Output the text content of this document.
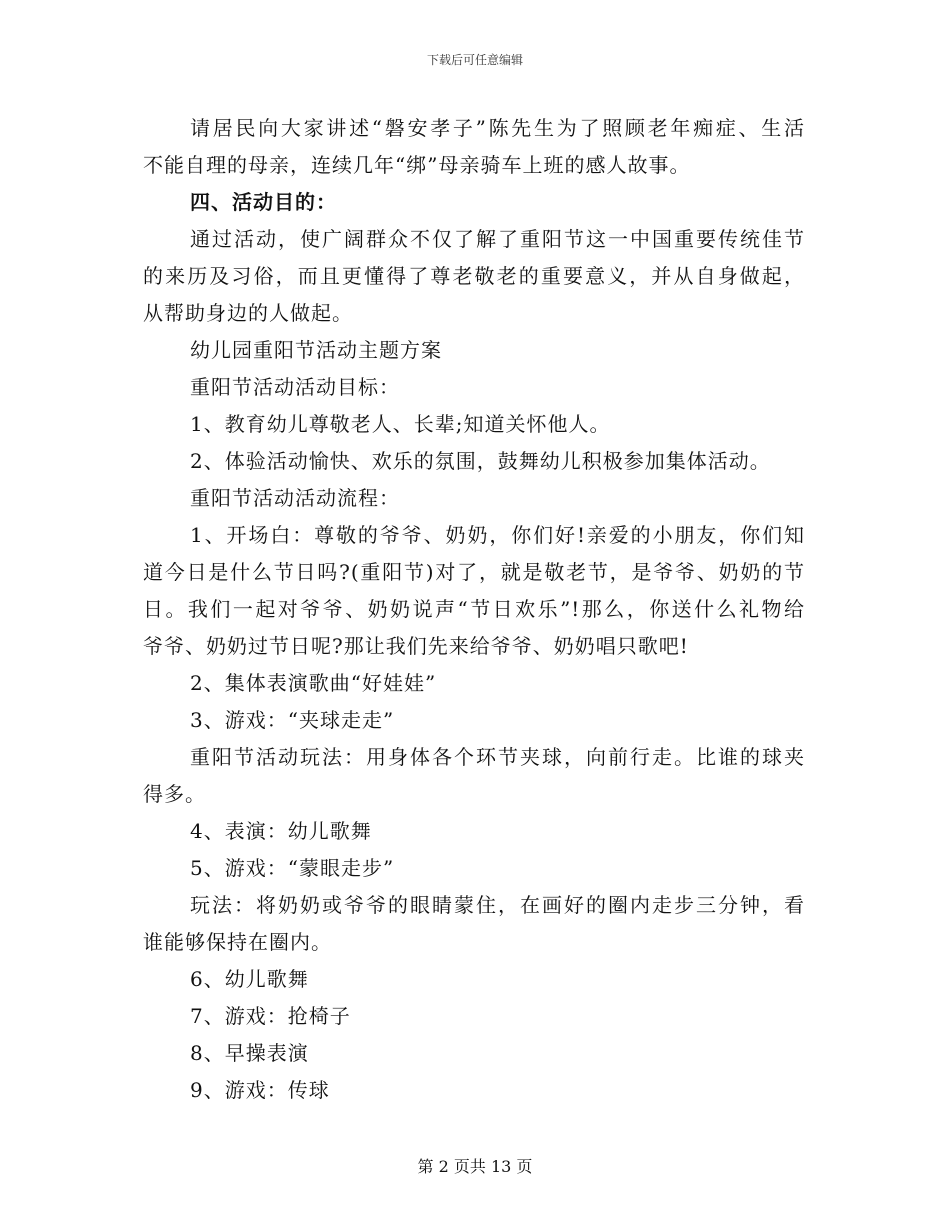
下载后可任意编辑
请居民向大家讲述“磐安孝子”陈先生为了照顾老年痴症、生活
不能自理的母亲，连续几年“绑”母亲骑车上班的感人故事。
四、活动目的：
通过活动，使广阔群众不仅了解了重阳节这一中国重要传统佳节
的来历及习俗，而且更懂得了尊老敬老的重要意义，并从自身做起，
从帮助身边的人做起。
幼儿园重阳节活动主题方案
重阳节活动活动目标：
1、教育幼儿尊敬老人、长辈;知道关怀他人。
2、体验活动愉快、欢乐的氛围，鼓舞幼儿积极参加集体活动。
重阳节活动活动流程：
1、开场白：尊敬的爷爷、奶奶，你们好!亲爱的小朋友，你们知
道今日是什么节日吗?(重阳节)对了，就是敬老节，是爷爷、奶奶的节
日。我们一起对爷爷、奶奶说声“节日欢乐”!那么，你送什么礼物给
爷爷、奶奶过节日呢?那让我们先来给爷爷、奶奶唱只歌吧!
2、集体表演歌曲“好娃娃”
3、游戏：“夹球走走”
重阳节活动玩法：用身体各个环节夹球，向前行走。比谁的球夹
得多。
4、表演：幼儿歌舞
5、游戏：“蒙眼走步”
玩法：将奶奶或爷爷的眼睛蒙住，在画好的圈内走步三分钟，看
谁能够保持在圈内。
6、幼儿歌舞
7、游戏：抢椅子
8、早操表演
9、游戏：传球
第 2 页共 13 页
